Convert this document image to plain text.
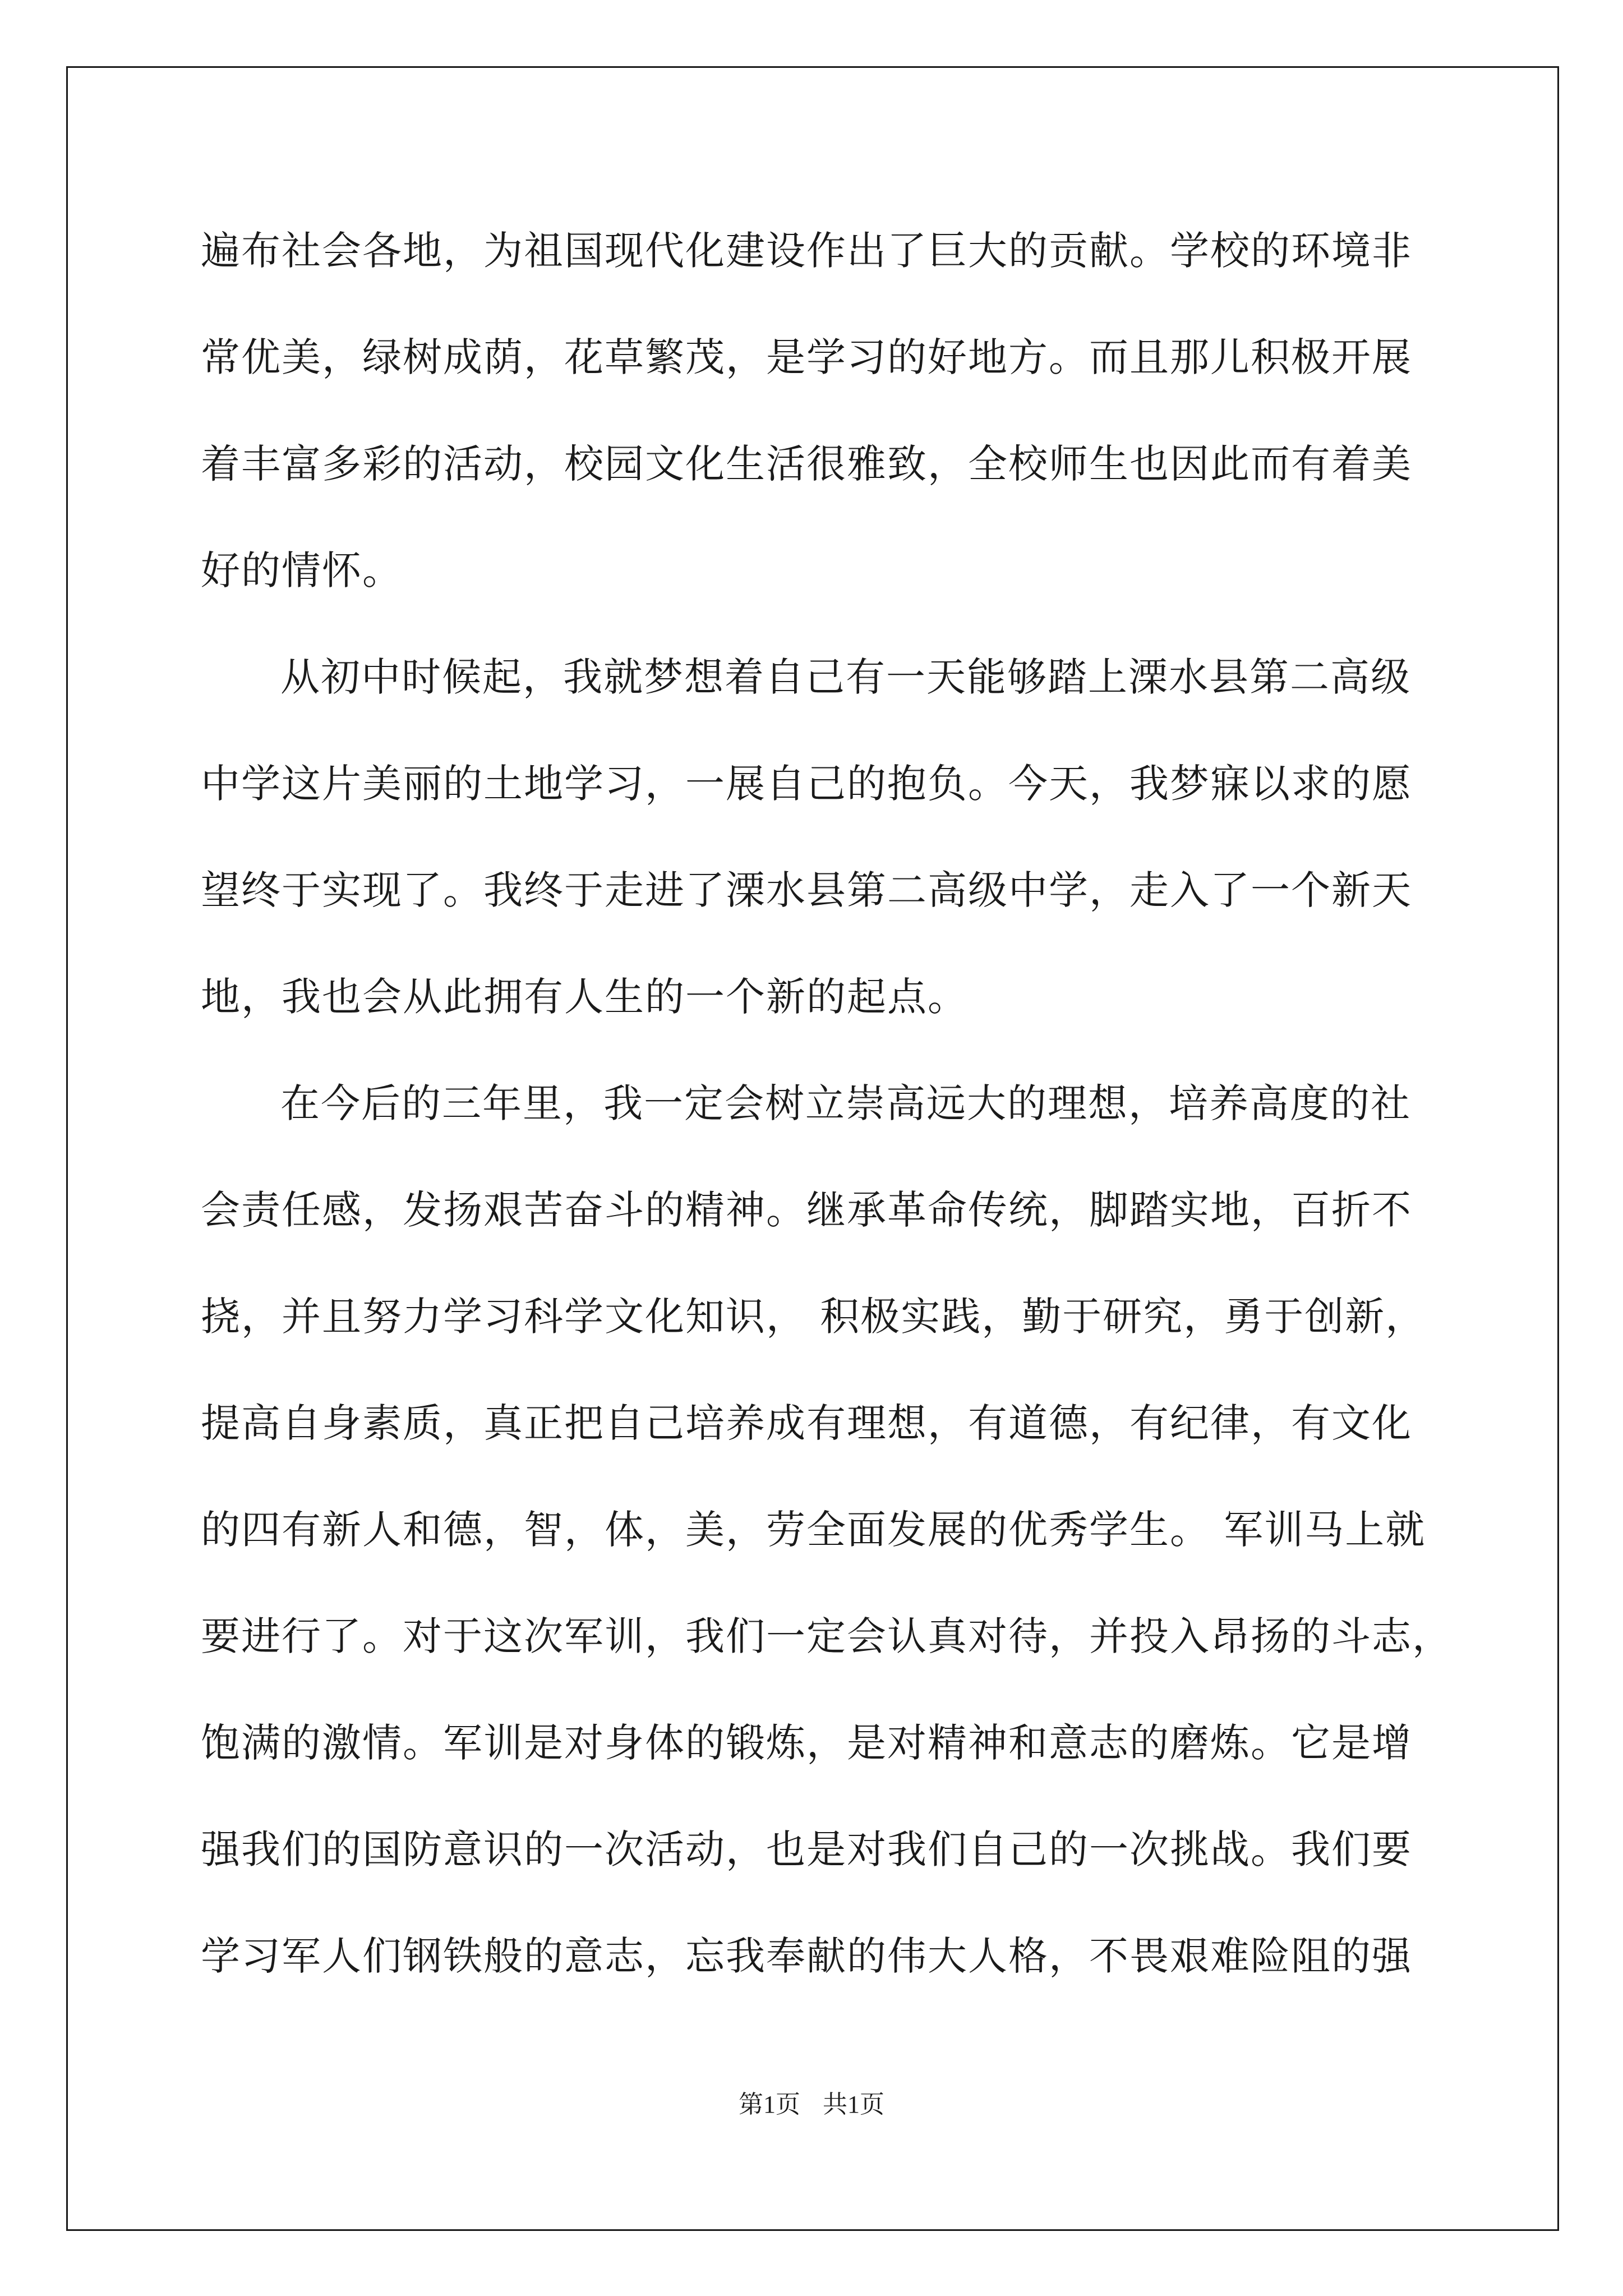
遍布社会各地，为祖国现代化建设作出了巨大的贡献。学校的环境非
常优美，绿树成荫，花草繁茂，是学习的好地方。而且那儿积极开展
着丰富多彩的活动，校园文化生活很雅致，全校师生也因此而有着美
好的情怀。
从初中时候起，我就梦想着自己有一天能够踏上溧水县第二高级
中学这片美丽的土地学习，一展自己的抱负。今天，我梦寐以求的愿
望终于实现了。我终于走进了溧水县第二高级中学，走入了一个新天
地，我也会从此拥有人生的一个新的起点。
在今后的三年里，我一定会树立崇高远大的理想，培养高度的社
会责任感，发扬艰苦奋斗的精神。继承革命传统，脚踏实地，百折不
挠，并且努力学习科学文化知识， 积极实践，勤于研究，勇于创新，
提高自身素质，真正把自己培养成有理想，有道德，有纪律，有文化
的四有新人和德，智，体，美，劳全面发展的优秀学生。 军训马上就
要进行了。对于这次军训，我们一定会认真对待，并投入昂扬的斗志，
饱满的激情。军训是对身体的锻炼，是对精神和意志的磨炼。它是增
强我们的国防意识的一次活动，也是对我们自己的一次挑战。我们要
学习军人们钢铁般的意志，忘我奉献的伟大人格，不畏艰难险阻的强
第1页 共1页
